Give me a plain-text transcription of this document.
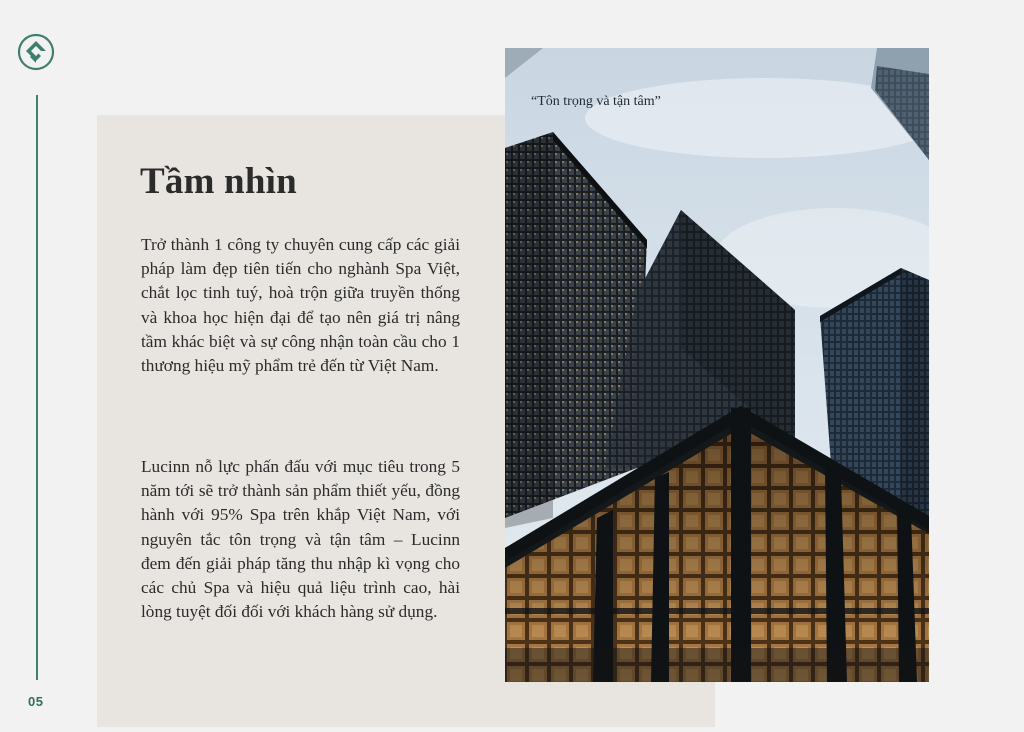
05
Tầm nhìn

Trở thành 1 công ty chuyên cung cấp các giải pháp làm đẹp tiên tiến cho nghành Spa Việt, chắt lọc tinh tuý, hoà trộn giữa truyền thống và khoa học hiện đại để tạo nên giá trị nâng tầm khác biệt và sự công nhận toàn cầu cho 1 thương hiệu mỹ phẩm trẻ đến từ Việt Nam.

Lucinn nỗ lực phấn đấu với mục tiêu trong 5 năm tới sẽ trở thành sản phẩm thiết yếu, đồng hành với 95% Spa trên khắp Việt Nam, với nguyên tắc tôn trọng và tận tâm – Lucinn đem đến giải pháp tăng thu nhập kì vọng cho các chủ Spa và hiệu quả liệu trình cao, hài lòng tuyệt đối đối với khách hàng sử dụng.

“Tôn trọng và tận tâm”
